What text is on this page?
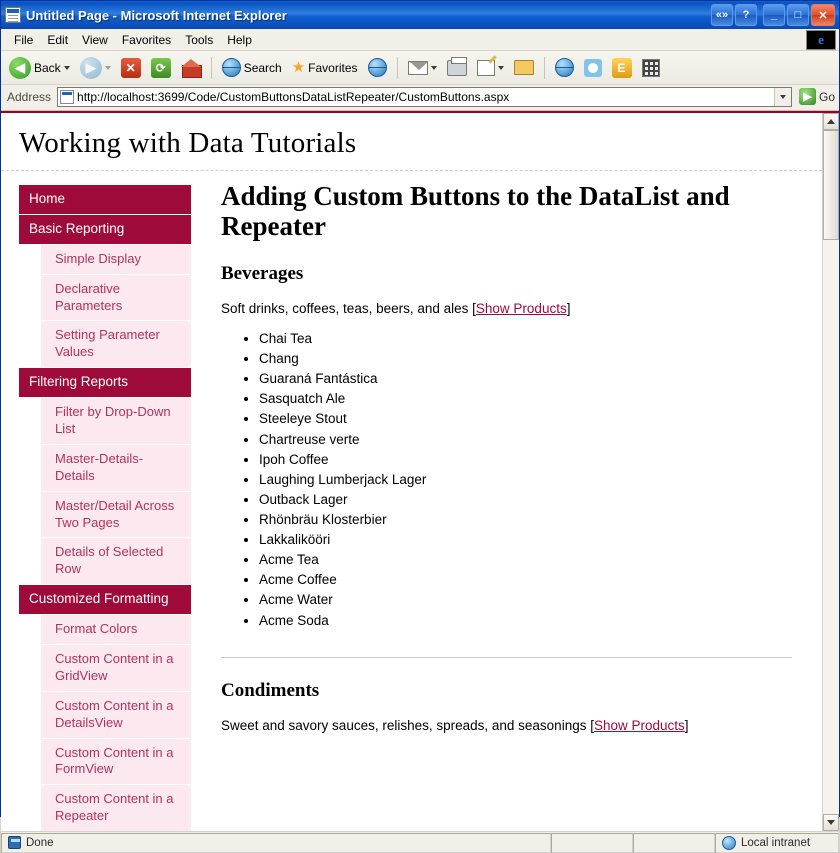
Untitled Page - Microsoft Internet Explorer	«»	?	_	□	✕
File	Edit	View	Favorites	Tools	Help	e
◀ Back	▶	✕	⟳	Search ★ Favorites	E
Address http://localhost:3699/Code/CustomButtonsDataListRepeater/CustomButtons.aspx	▶ Go
Working with Data Tutorials
Home
Basic Reporting
Simple Display
Declarative Parameters
Setting Parameter Values
Filtering Reports
Filter by Drop-Down List
Master-Details-Details
Master/Detail Across Two Pages
Details of Selected Row
Customized Formatting
Format Colors
Custom Content in a GridView
Custom Content in a DetailsView
Custom Content in a FormView
Custom Content in a Repeater
Adding Custom Buttons to the DataList and Repeater
Beverages

Soft drinks, coffees, teas, beers, and ales [Show Products]

• Chai Tea
• Chang
• Guaraná Fantástica
• Sasquatch Ale
• Steeleye Stout
• Chartreuse verte
• Ipoh Coffee
• Laughing Lumberjack Lager
• Outback Lager
• Rhönbräu Klosterbier
• Lakkalikööri
• Acme Tea
• Acme Coffee
• Acme Water
• Acme Soda
Condiments

Sweet and savory sauces, relishes, spreads, and seasonings [Show Products]

Done	Local intranet
